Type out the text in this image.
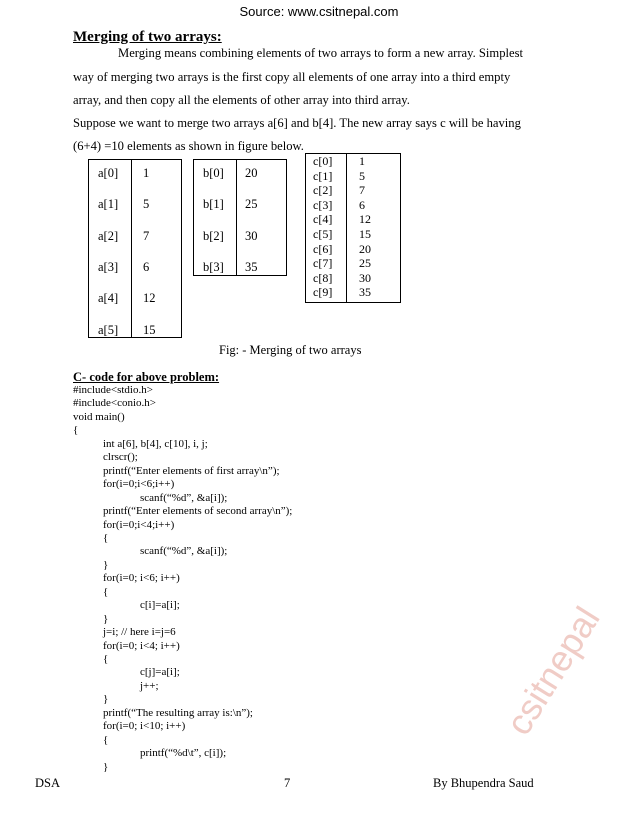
Source: www.csitnepal.com
Merging of two arrays:
Merging means combining elements of two arrays to form a new array. Simplest
way of merging two arrays is the first copy all elements of one array into a third empty
array, and then copy all the elements of other array into third array.
Suppose we want to merge two arrays a[6] and b[4]. The new array says c will be having
(6+4) =10 elements as shown in figure below.
a[0] 1
a[1] 5
a[2] 7
a[3] 6
a[4] 12
a[5] 15
b[0] 20
b[1] 25
b[2] 30
b[3] 35
c[0] 1
c[1] 5
c[2] 7
c[3] 6
c[4] 12
c[5] 15
c[6] 20
c[7] 25
c[8] 30
c[9] 35
Fig: - Merging of two arrays
C- code for above problem:
#include<stdio.h>
#include<conio.h>
void main()
{
int a[6], b[4], c[10], i, j;
clrscr();
printf(“Enter elements of first array\n”);
for(i=0;i<6;i++)
scanf(“%d”, &a[i]);
printf(“Enter elements of second array\n”);
for(i=0;i<4;i++)
{
scanf(“%d”, &a[i]);
}
for(i=0; i<6; i++)
{
c[i]=a[i];
}
j=i; // here i=j=6
for(i=0; i<4; i++)
{
c[j]=a[i];
j++;
}
printf(“The resulting array is:\n”);
for(i=0; i<10; i++)
{
printf(“%d\t”, c[i]);
}
DSA	7	By Bhupendra Saud
csitnepal
